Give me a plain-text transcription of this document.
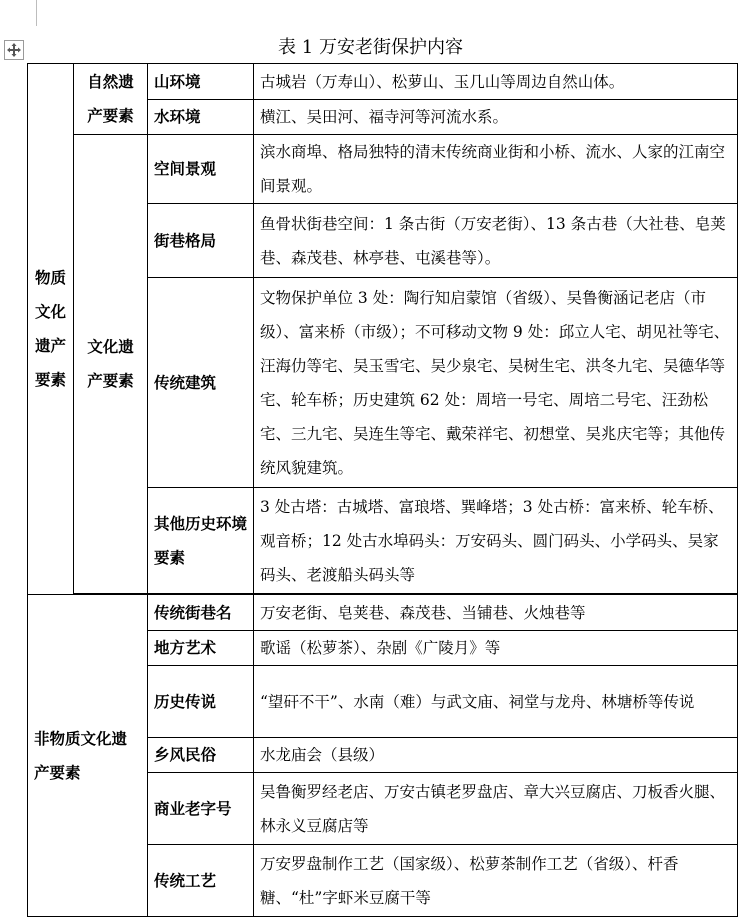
表 1 万安老街保护内容
物质文化遗产要素	自然遗产要素	山环境	古城岩（万寿山）、松萝山、玉几山等周边自然山体。
		水环境	横江、吴田河、福寺河等河流水系。
	文化遗产要素	空间景观	滨水商埠、格局独特的清末传统商业街和小桥、流水、人家的江南空间景观。
		街巷格局	鱼骨状街巷空间：1 条古街（万安老街）、13 条古巷（大社巷、皂荚巷、森茂巷、林亭巷、屯溪巷等）。
		传统建筑	文物保护单位 3 处：陶行知启蒙馆（省级）、吴鲁衡涵记老店（市级）、富来桥（市级）；不可移动文物 9 处：邱立人宅、胡见社等宅、汪海仂等宅、吴玉雪宅、吴少泉宅、吴树生宅、洪冬九宅、吴德华等宅、轮车桥；历史建筑 62 处：周培一号宅、周培二号宅、汪劲松宅、三九宅、吴连生等宅、戴荣祥宅、初想堂、吴兆庆宅等；其他传统风貌建筑。
		其他历史环境要素	3 处古塔：古城塔、富琅塔、巽峰塔；3 处古桥：富来桥、轮车桥、观音桥；12 处古水埠码头：万安码头、圆门码头、小学码头、吴家码头、老渡船头码头等

非物质文化遗产要素		传统街巷名	万安老街、皂荚巷、森茂巷、当铺巷、火烛巷等
		地方艺术	歌谣（松萝茶）、杂剧《广陵月》等
		历史传说	“望矸不干”、水南（难）与武文庙、祠堂与龙舟、林塘桥等传说
		乡风民俗	水龙庙会（县级）
		商业老字号	吴鲁衡罗经老店、万安古镇老罗盘店、章大兴豆腐店、刀板香火腿、林永义豆腐店等
		传统工艺	万安罗盘制作工艺（国家级）、松萝茶制作工艺（省级）、杆香糖、“杜”字虾米豆腐干等
